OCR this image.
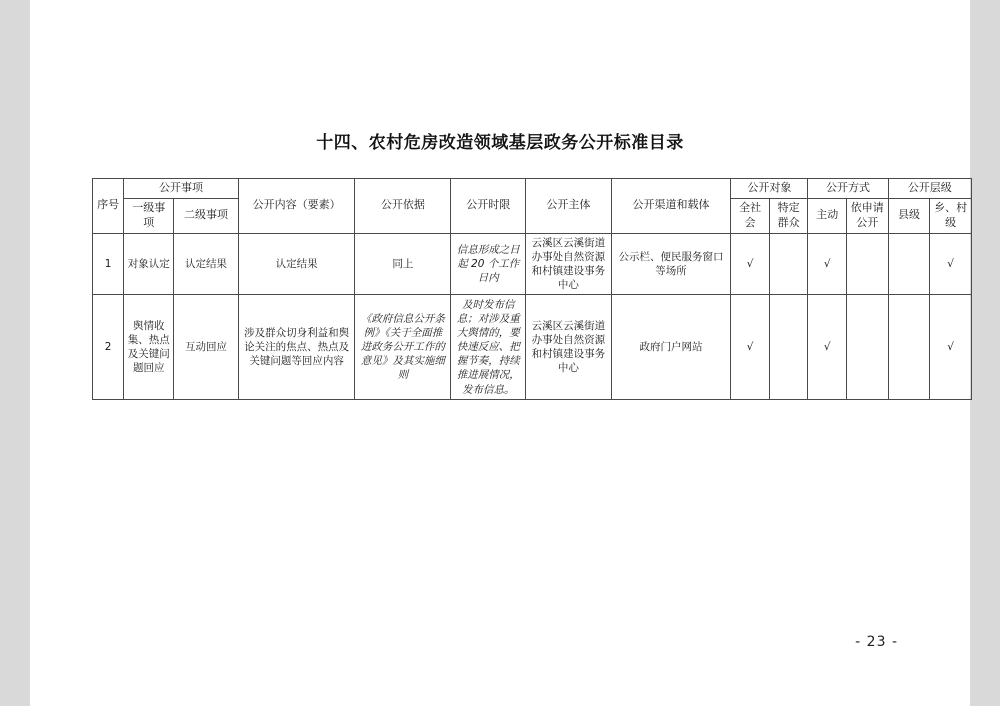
十四、农村危房改造领域基层政务公开标准目录
序号	公开事项		公开内容（要素）	公开依据	公开时限	公开主体	公开渠道和载体	公开对象		公开方式		公开层级	
	一级事项	二级事项						全社会	特定群众	主动	依申请公开	县级	乡、村级
1	对象认定	认定结果	认定结果	同上	信息形成之日起 20 个工作日内	云溪区云溪街道办事处自然资源和村镇建设事务中心	公示栏、便民服务窗口等场所	√		√			√
2	舆情收集、热点及关键问题回应	互动回应	涉及群众切身利益和舆论关注的焦点、热点及关键问题等回应内容	《政府信息公开条例》《关于全面推进政务公开工作的意见》及其实施细则	及时发布信息；对涉及重大舆情的，要快速反应、把握节奏，持续推进展情况，发布信息。	云溪区云溪街道办事处自然资源和村镇建设事务中心	政府门户网站	√		√			√
- 23 -
